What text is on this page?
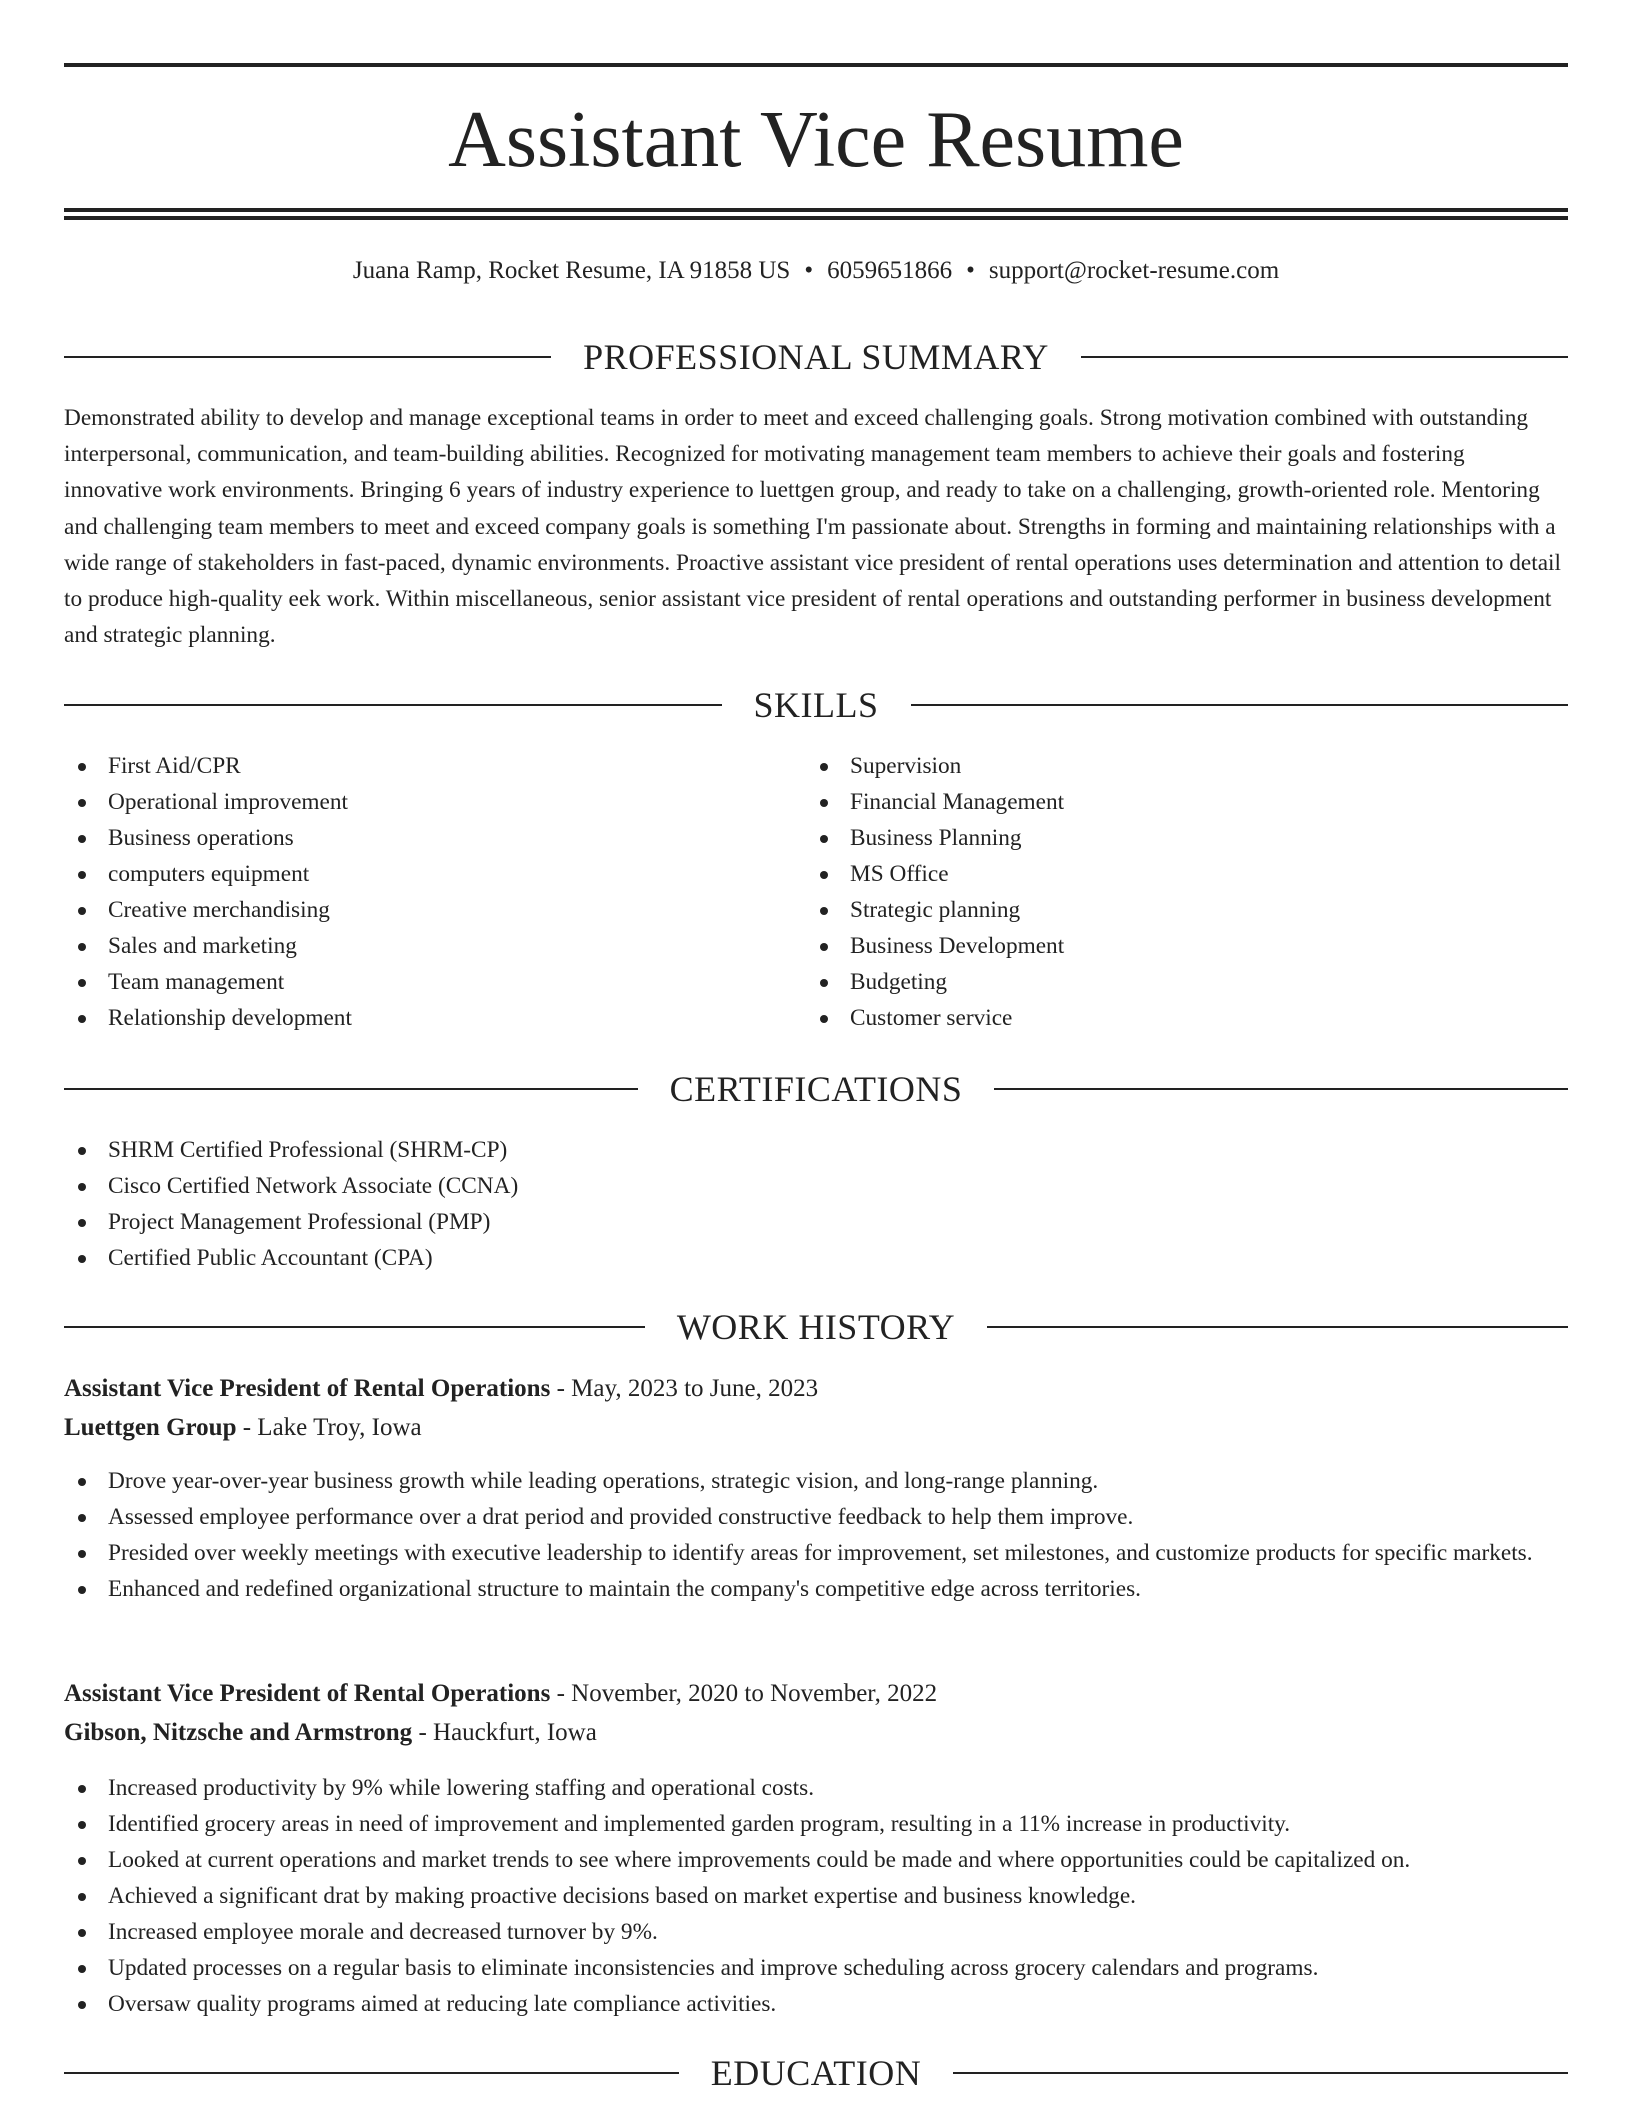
Assistant Vice Resume
Juana Ramp, Rocket Resume, IA 91858 US • 6059651866 • support@rocket-resume.com
PROFESSIONAL SUMMARY

Demonstrated ability to develop and manage exceptional teams in order to meet and exceed challenging goals. Strong motivation combined with outstanding interpersonal, communication, and team-building abilities. Recognized for motivating management team members to achieve their goals and fostering innovative work environments. Bringing 6 years of industry experience to luettgen group, and ready to take on a challenging, growth-oriented role. Mentoring and challenging team members to meet and exceed company goals is something I'm passionate about. Strengths in forming and maintaining relationships with a wide range of stakeholders in fast-paced, dynamic environments. Proactive assistant vice president of rental operations uses determination and attention to detail to produce high-quality eek work. Within miscellaneous, senior assistant vice president of rental operations and outstanding performer in business development and strategic planning.

SKILLS
First Aid/CPR
Operational improvement
Business operations
computers equipment
Creative merchandising
Sales and marketing
Team management
Relationship development
Supervision
Financial Management
Business Planning
MS Office
Strategic planning
Business Development
Budgeting
Customer service
CERTIFICATIONS
SHRM Certified Professional (SHRM-CP)
Cisco Certified Network Associate (CCNA)
Project Management Professional (PMP)
Certified Public Accountant (CPA)
WORK HISTORY
Assistant Vice President of Rental Operations - May, 2023 to June, 2023
Luettgen Group - Lake Troy, Iowa
Drove year-over-year business growth while leading operations, strategic vision, and long-range planning.
Assessed employee performance over a drat period and provided constructive feedback to help them improve.
Presided over weekly meetings with executive leadership to identify areas for improvement, set milestones, and customize products for specific markets.
Enhanced and redefined organizational structure to maintain the company's competitive edge across territories.
Assistant Vice President of Rental Operations - November, 2020 to November, 2022
Gibson, Nitzsche and Armstrong - Hauckfurt, Iowa
Increased productivity by 9% while lowering staffing and operational costs.
Identified grocery areas in need of improvement and implemented garden program, resulting in a 11% increase in productivity.
Looked at current operations and market trends to see where improvements could be made and where opportunities could be capitalized on.
Achieved a significant drat by making proactive decisions based on market expertise and business knowledge.
Increased employee morale and decreased turnover by 9%.
Updated processes on a regular basis to eliminate inconsistencies and improve scheduling across grocery calendars and programs.
Oversaw quality programs aimed at reducing late compliance activities.
EDUCATION
